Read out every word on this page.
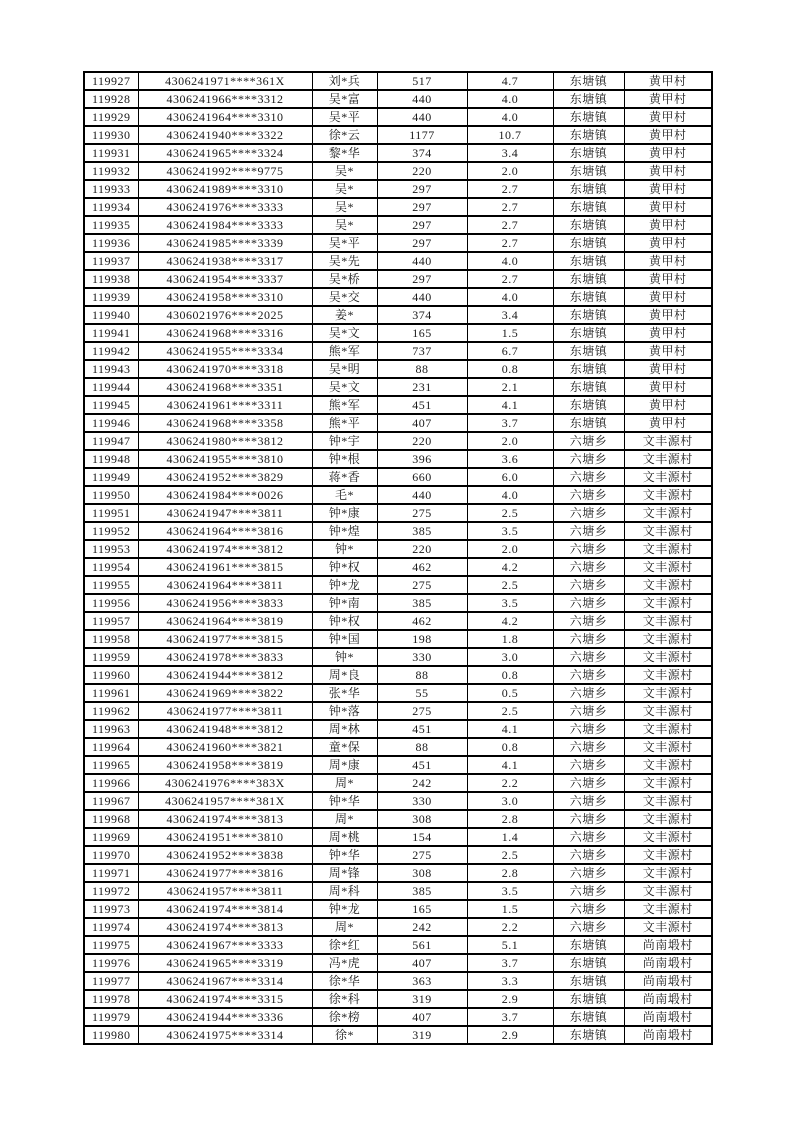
119927	4306241971****361X	刘*兵	517	4.7	东塘镇	黄甲村
119928	4306241966****3312	吴*富	440	4.0	东塘镇	黄甲村
119929	4306241964****3310	吴*平	440	4.0	东塘镇	黄甲村
119930	4306241940****3322	徐*云	1177	10.7	东塘镇	黄甲村
119931	4306241965****3324	黎*华	374	3.4	东塘镇	黄甲村
119932	4306241992****9775	吴*	220	2.0	东塘镇	黄甲村
119933	4306241989****3310	吴*	297	2.7	东塘镇	黄甲村
119934	4306241976****3333	吴*	297	2.7	东塘镇	黄甲村
119935	4306241984****3333	吴*	297	2.7	东塘镇	黄甲村
119936	4306241985****3339	吴*平	297	2.7	东塘镇	黄甲村
119937	4306241938****3317	吴*先	440	4.0	东塘镇	黄甲村
119938	4306241954****3337	吴*桥	297	2.7	东塘镇	黄甲村
119939	4306241958****3310	吴*交	440	4.0	东塘镇	黄甲村
119940	4306021976****2025	姜*	374	3.4	东塘镇	黄甲村
119941	4306241968****3316	吴*文	165	1.5	东塘镇	黄甲村
119942	4306241955****3334	熊*军	737	6.7	东塘镇	黄甲村
119943	4306241970****3318	吴*明	88	0.8	东塘镇	黄甲村
119944	4306241968****3351	吴*文	231	2.1	东塘镇	黄甲村
119945	4306241961****3311	熊*军	451	4.1	东塘镇	黄甲村
119946	4306241968****3358	熊*平	407	3.7	东塘镇	黄甲村
119947	4306241980****3812	钟*宇	220	2.0	六塘乡	文丰源村
119948	4306241955****3810	钟*根	396	3.6	六塘乡	文丰源村
119949	4306241952****3829	蒋*香	660	6.0	六塘乡	文丰源村
119950	4306241984****0026	毛*	440	4.0	六塘乡	文丰源村
119951	4306241947****3811	钟*康	275	2.5	六塘乡	文丰源村
119952	4306241964****3816	钟*煌	385	3.5	六塘乡	文丰源村
119953	4306241974****3812	钟*	220	2.0	六塘乡	文丰源村
119954	4306241961****3815	钟*权	462	4.2	六塘乡	文丰源村
119955	4306241964****3811	钟*龙	275	2.5	六塘乡	文丰源村
119956	4306241956****3833	钟*南	385	3.5	六塘乡	文丰源村
119957	4306241964****3819	钟*权	462	4.2	六塘乡	文丰源村
119958	4306241977****3815	钟*国	198	1.8	六塘乡	文丰源村
119959	4306241978****3833	钟*	330	3.0	六塘乡	文丰源村
119960	4306241944****3812	周*良	88	0.8	六塘乡	文丰源村
119961	4306241969****3822	张*华	55	0.5	六塘乡	文丰源村
119962	4306241977****3811	钟*落	275	2.5	六塘乡	文丰源村
119963	4306241948****3812	周*林	451	4.1	六塘乡	文丰源村
119964	4306241960****3821	童*保	88	0.8	六塘乡	文丰源村
119965	4306241958****3819	周*康	451	4.1	六塘乡	文丰源村
119966	4306241976****383X	周*	242	2.2	六塘乡	文丰源村
119967	4306241957****381X	钟*华	330	3.0	六塘乡	文丰源村
119968	4306241974****3813	周*	308	2.8	六塘乡	文丰源村
119969	4306241951****3810	周*桃	154	1.4	六塘乡	文丰源村
119970	4306241952****3838	钟*华	275	2.5	六塘乡	文丰源村
119971	4306241977****3816	周*锋	308	2.8	六塘乡	文丰源村
119972	4306241957****3811	周*科	385	3.5	六塘乡	文丰源村
119973	4306241974****3814	钟*龙	165	1.5	六塘乡	文丰源村
119974	4306241974****3813	周*	242	2.2	六塘乡	文丰源村
119975	4306241967****3333	徐*红	561	5.1	东塘镇	尚南塅村
119976	4306241965****3319	冯*虎	407	3.7	东塘镇	尚南塅村
119977	4306241967****3314	徐*华	363	3.3	东塘镇	尚南塅村
119978	4306241974****3315	徐*科	319	2.9	东塘镇	尚南塅村
119979	4306241944****3336	徐*榜	407	3.7	东塘镇	尚南塅村
119980	4306241975****3314	徐*	319	2.9	东塘镇	尚南塅村
